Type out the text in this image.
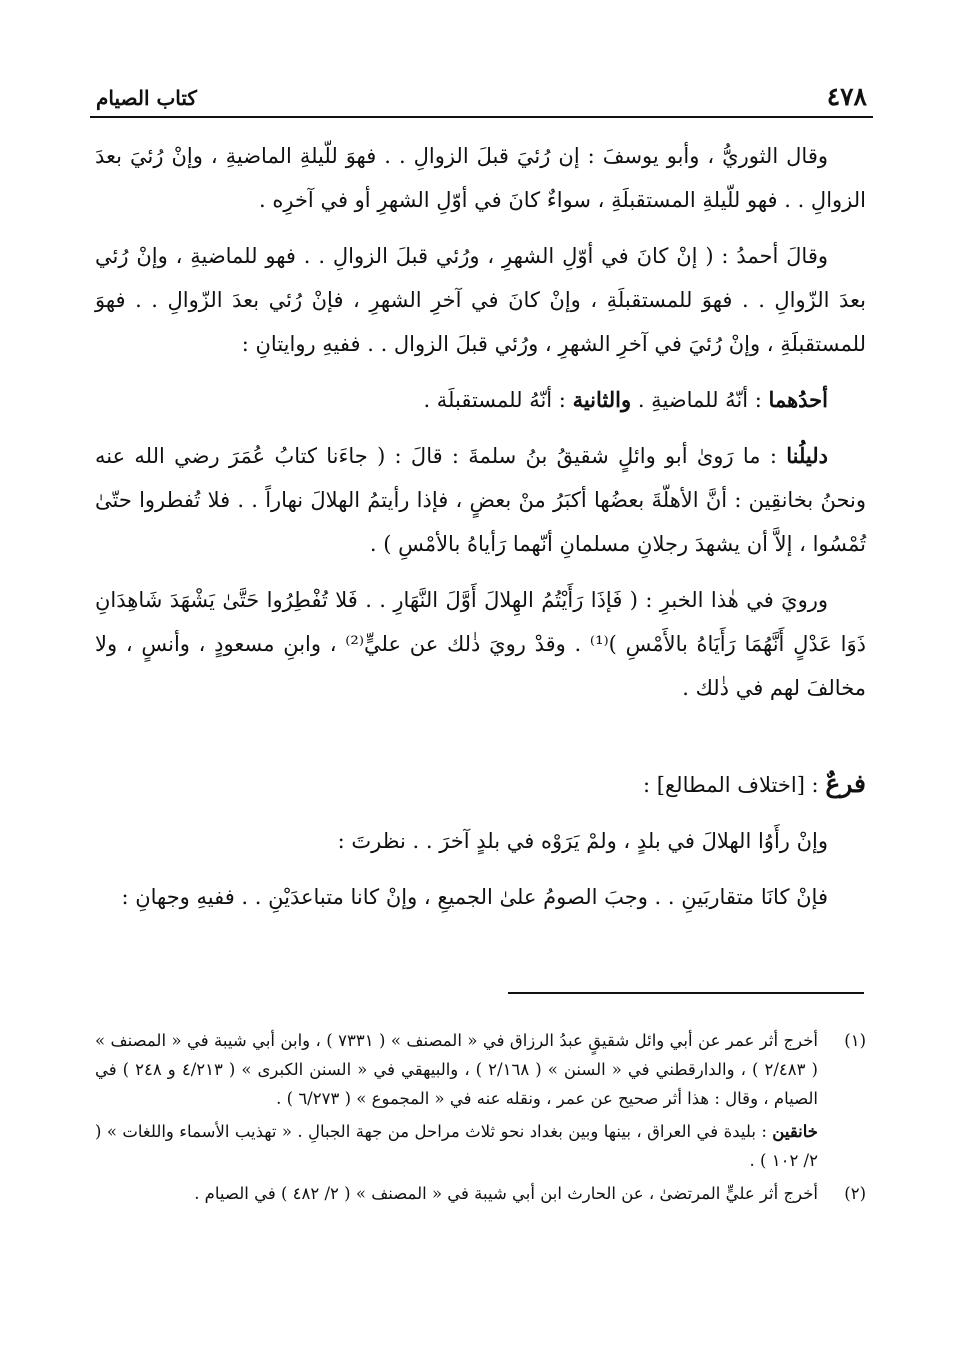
٤٧٨
كتاب الصيام

وقال الثوريُّ ، وأبو يوسفَ : إن رُئيَ قبلَ الزوالِ . . فهوَ للّيلةِ الماضيةِ ، وإنْ رُئيَ بعدَ الزوالِ . . فهو للّيلةِ المستقبلَةِ ، سواءٌ كانَ في أوّلِ الشهرِ أو في آخرِه .

وقالَ أحمدُ : ( إنْ كانَ في أوّلِ الشهرِ ، ورُئي قبلَ الزوالِ . . فهو للماضيةِ ، وإنْ رُئي بعدَ الزّوالِ . . فهوَ للمستقبلَةِ ، وإنْ كانَ في آخرِ الشهرِ ، فإنْ رُئي بعدَ الزّوالِ . . فهوَ للمستقبلَةِ ، وإنْ رُئيَ في آخرِ الشهرِ ، ورُئي قبلَ الزوال . . ففيهِ روايتانِ :

أحدُهما : أنّهُ للماضيةِ . والثانية : أنّهُ للمستقبلَة .

دليلُنا : ما رَوىٰ أبو وائلٍ شقيقُ بنُ سلمةَ : قالَ : ( جاءَنا كتابُ عُمَرَ رضي الله عنه ونحنُ بخانقِين : أنَّ الأهلّةَ بعضُها أكبَرُ منْ بعضٍ ، فإذا رأيتمُ الهلالَ نهاراً . . فلا تُفطروا حتّىٰ تُمْسُوا ، إلاَّ أن يشهدَ رجلانِ مسلمانِ أنّهما رَأياهُ بالأمْسِ ) .

ورويَ في هٰذا الخبرِ : ( فَإذَا رَأَيْتُمُ الهِلالَ أَوَّلَ النَّهَارِ . . فَلا تُفْطِرُوا حَتَّىٰ يَشْهَدَ شَاهِدَانِ ذَوَا عَدْلٍ أَنَّهُمَا رَأَيَاهُ بالأَمْسِ )⁽¹⁾ . وقدْ رويَ ذٰلك عن عليٍّ⁽²⁾ ، وابنِ مسعودٍ ، وأنسٍ ، ولا مخالفَ لهم في ذٰلك .

فرعٌ : [اختلاف المطالع] :

وإنْ رأَوُا الهلالَ في بلدٍ ، ولمْ يَرَوْه في بلدٍ آخرَ . . نظرتَ :

فإنْ كانَا متقاربَينِ . . وجبَ الصومُ علىٰ الجميعِ ، وإنْ كانا متباعدَيْنِ . . ففيهِ وجهانِ :

(١)
أخرج أثر عمر عن أبي وائل شقيقٍ عبدُ الرزاق في « المصنف » ( ٧٣٣١ ) ، وابن أبي شيبة في « المصنف » ( ٢/٤٨٣ ) ، والدارقطني في « السنن » ( ٢/١٦٨ ) ، والبيهقي في « السنن الكبرى » ( ٤/٢١٣ و ٢٤٨ ) في الصيام ، وقال : هذا أثر صحيح عن عمر ، ونقله عنه في « المجموع » ( ٦/٢٧٣ ) .
خانقين : بليدة في العراق ، بينها وبين بغداد نحو ثلاث مراحل من جهة الجبالِ . « تهذيب الأسماء واللغات » ( ٢/ ١٠٢ ) .
(٢)
أخرج أثر عليٍّ المرتضىٰ ، عن الحارث ابن أبي شيبة في « المصنف » ( ٢/ ٤٨٢ ) في الصيام .
